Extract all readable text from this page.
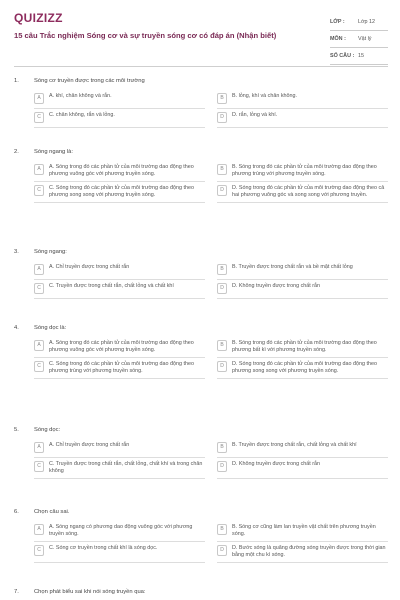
QUIZIZZ
15 câu Trắc nghiệm Sóng cơ và sự truyền sóng cơ có đáp án (Nhận biết)
LỚP :	Lớp 12
MÔN :	Vật lý
SỐ CÂU : 15
1.	Sóng cơ truyền được trong các môi trường
A	A. khí, chân không và rắn.	B	B. lỏng, khí và chân không.
C	C. chân không, rắn và lỏng.	D	D. rắn, lỏng và khí.
2.	Sóng ngang là:
A	A. Sóng trong đó các phần tử của môi trường dao động theo phương vuông góc với phương truyền sóng.
B	B. Sóng trong đó các phần tử của môi trường dao động theo phương trùng với phương truyền sóng.
C	C. Sóng trong đó các phần tử của môi trường dao động theo phương song song với phương truyền sóng.
D	D. Sóng trong đó các phần tử của môi trường dao động theo cả hai phương vuông góc và song song với phương truyền.
3.	Sóng ngang:
A	A. Chỉ truyền được trong chất rắn	B	B. Truyền được trong chất rắn và bề mặt chất lỏng
C	C. Truyền được trong chất rắn, chất lỏng và chất khí	D	D. Không truyền được trong chất rắn
4.	Sóng dọc là:
A	A. Sóng trong đó các phần tử của môi trường dao động theo phương vuông góc với phương truyền sóng.
B	B. Sóng trong đó các phần tử của môi trường dao động theo phương bất kì với phương truyền sóng.
C	C. Sóng trong đó các phần tử của môi trường dao động theo phương trùng với phương truyền sóng.
D	D. Sóng trong đó các phần tử của môi trường dao động theo phương song song với phương truyền sóng.
5.	Sóng dọc:
A	A. Chỉ truyền được trong chất rắn	B	B. Truyền được trong chất rắn, chất lỏng và chất khí
C	C. Truyền được trong chất rắn, chất lỏng, chất khí và trong chân không
D	D. Không truyền được trong chất rắn
6.	Chọn câu sai.
A	A. Sóng ngang có phương dao động vuông góc với phương truyền sóng.
B	B. Sóng cơ cũng làm lan truyền vật chất trên phương truyền sóng.
C	C. Sóng cơ truyền trong chất khí là sóng dọc.	D	D. Bước sóng là quãng đường sóng truyền được trong thời gian bằng một chu kì sóng.
7.	Chọn phát biểu sai khi nói sóng truyền qua:
